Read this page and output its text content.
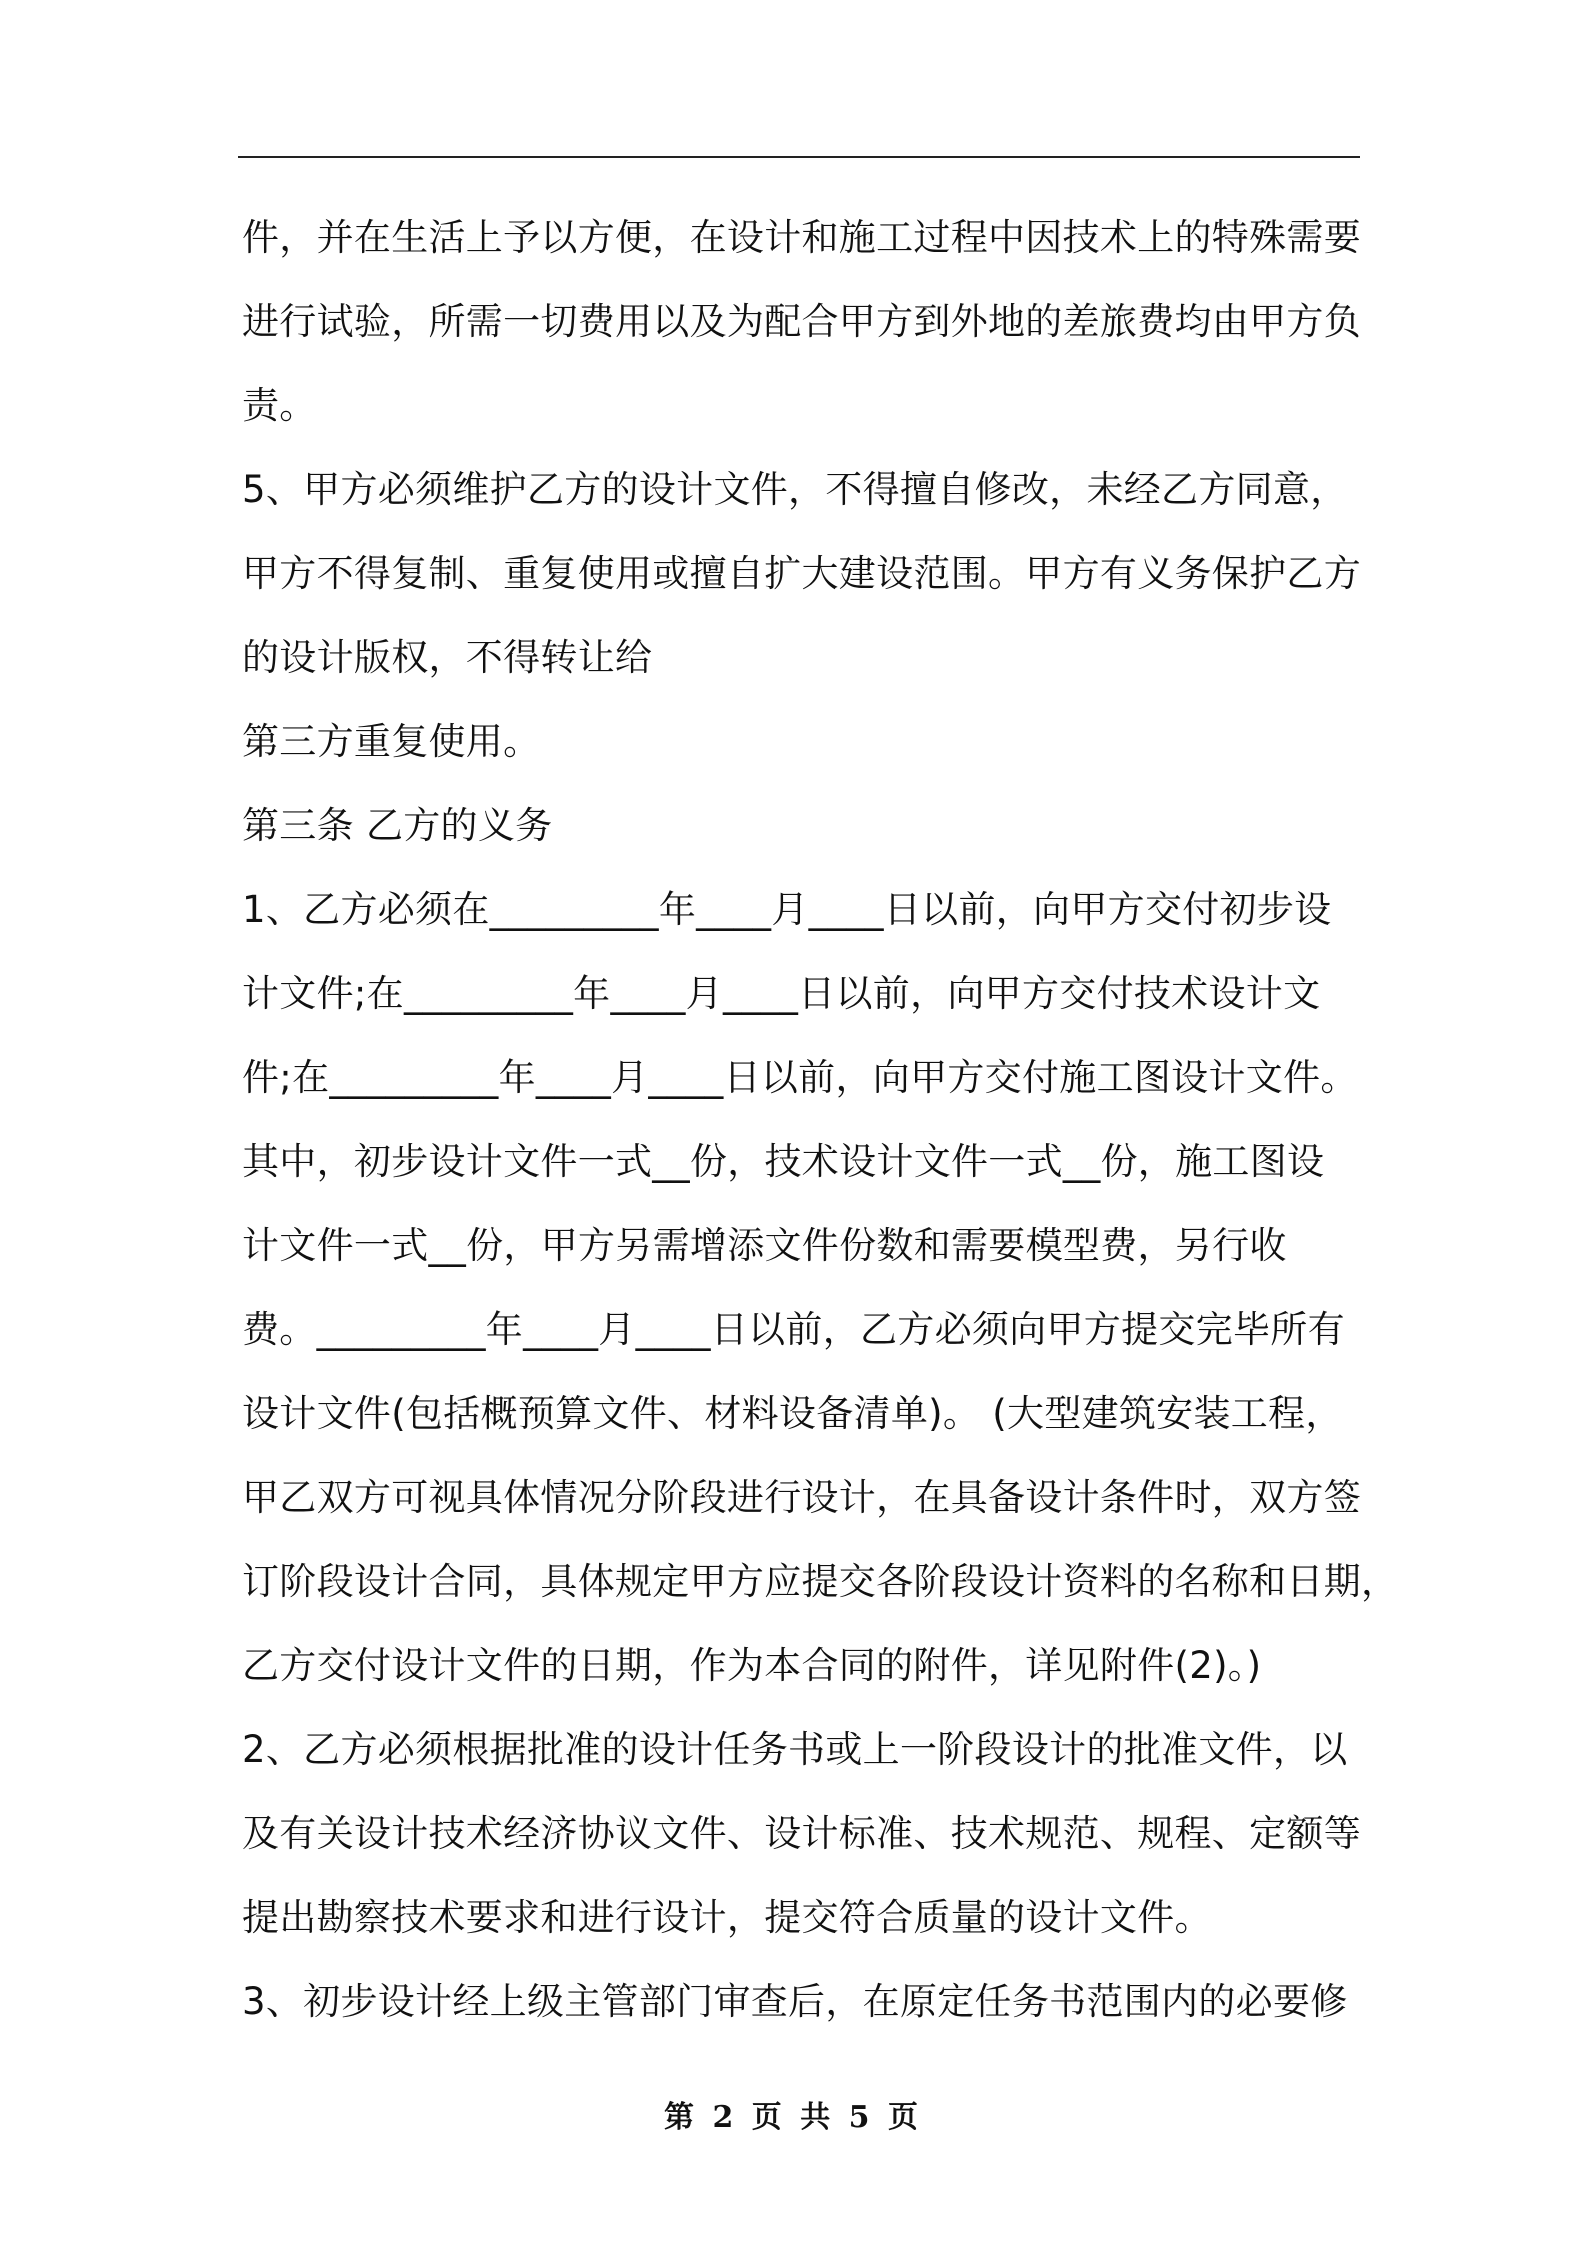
件，并在生活上予以方便，在设计和施工过程中因技术上的特殊需要
进行试验，所需一切费用以及为配合甲方到外地的差旅费均由甲方负
责。
5、甲方必须维护乙方的设计文件，不得擅自修改，未经乙方同意，
甲方不得复制、重复使用或擅自扩大建设范围。甲方有义务保护乙方
的设计版权，不得转让给
第三方重复使用。
第三条 乙方的义务
1、乙方必须在_________年____月____日以前，向甲方交付初步设
计文件;在_________年____月____日以前，向甲方交付技术设计文
件;在_________年____月____日以前，向甲方交付施工图设计文件。
其中，初步设计文件一式__份，技术设计文件一式__份，施工图设
计文件一式__份，甲方另需增添文件份数和需要模型费，另行收
费。_________年____月____日以前，乙方必须向甲方提交完毕所有
设计文件(包括概预算文件、材料设备清单)。 (大型建筑安装工程，
甲乙双方可视具体情况分阶段进行设计，在具备设计条件时，双方签
订阶段设计合同，具体规定甲方应提交各阶段设计资料的名称和日期，
乙方交付设计文件的日期，作为本合同的附件，详见附件(2)。)
2、乙方必须根据批准的设计任务书或上一阶段设计的批准文件，以
及有关设计技术经济协议文件、设计标准、技术规范、规程、定额等
提出勘察技术要求和进行设计，提交符合质量的设计文件。
3、初步设计经上级主管部门审查后，在原定任务书范围内的必要修
第 2 页 共 5 页
